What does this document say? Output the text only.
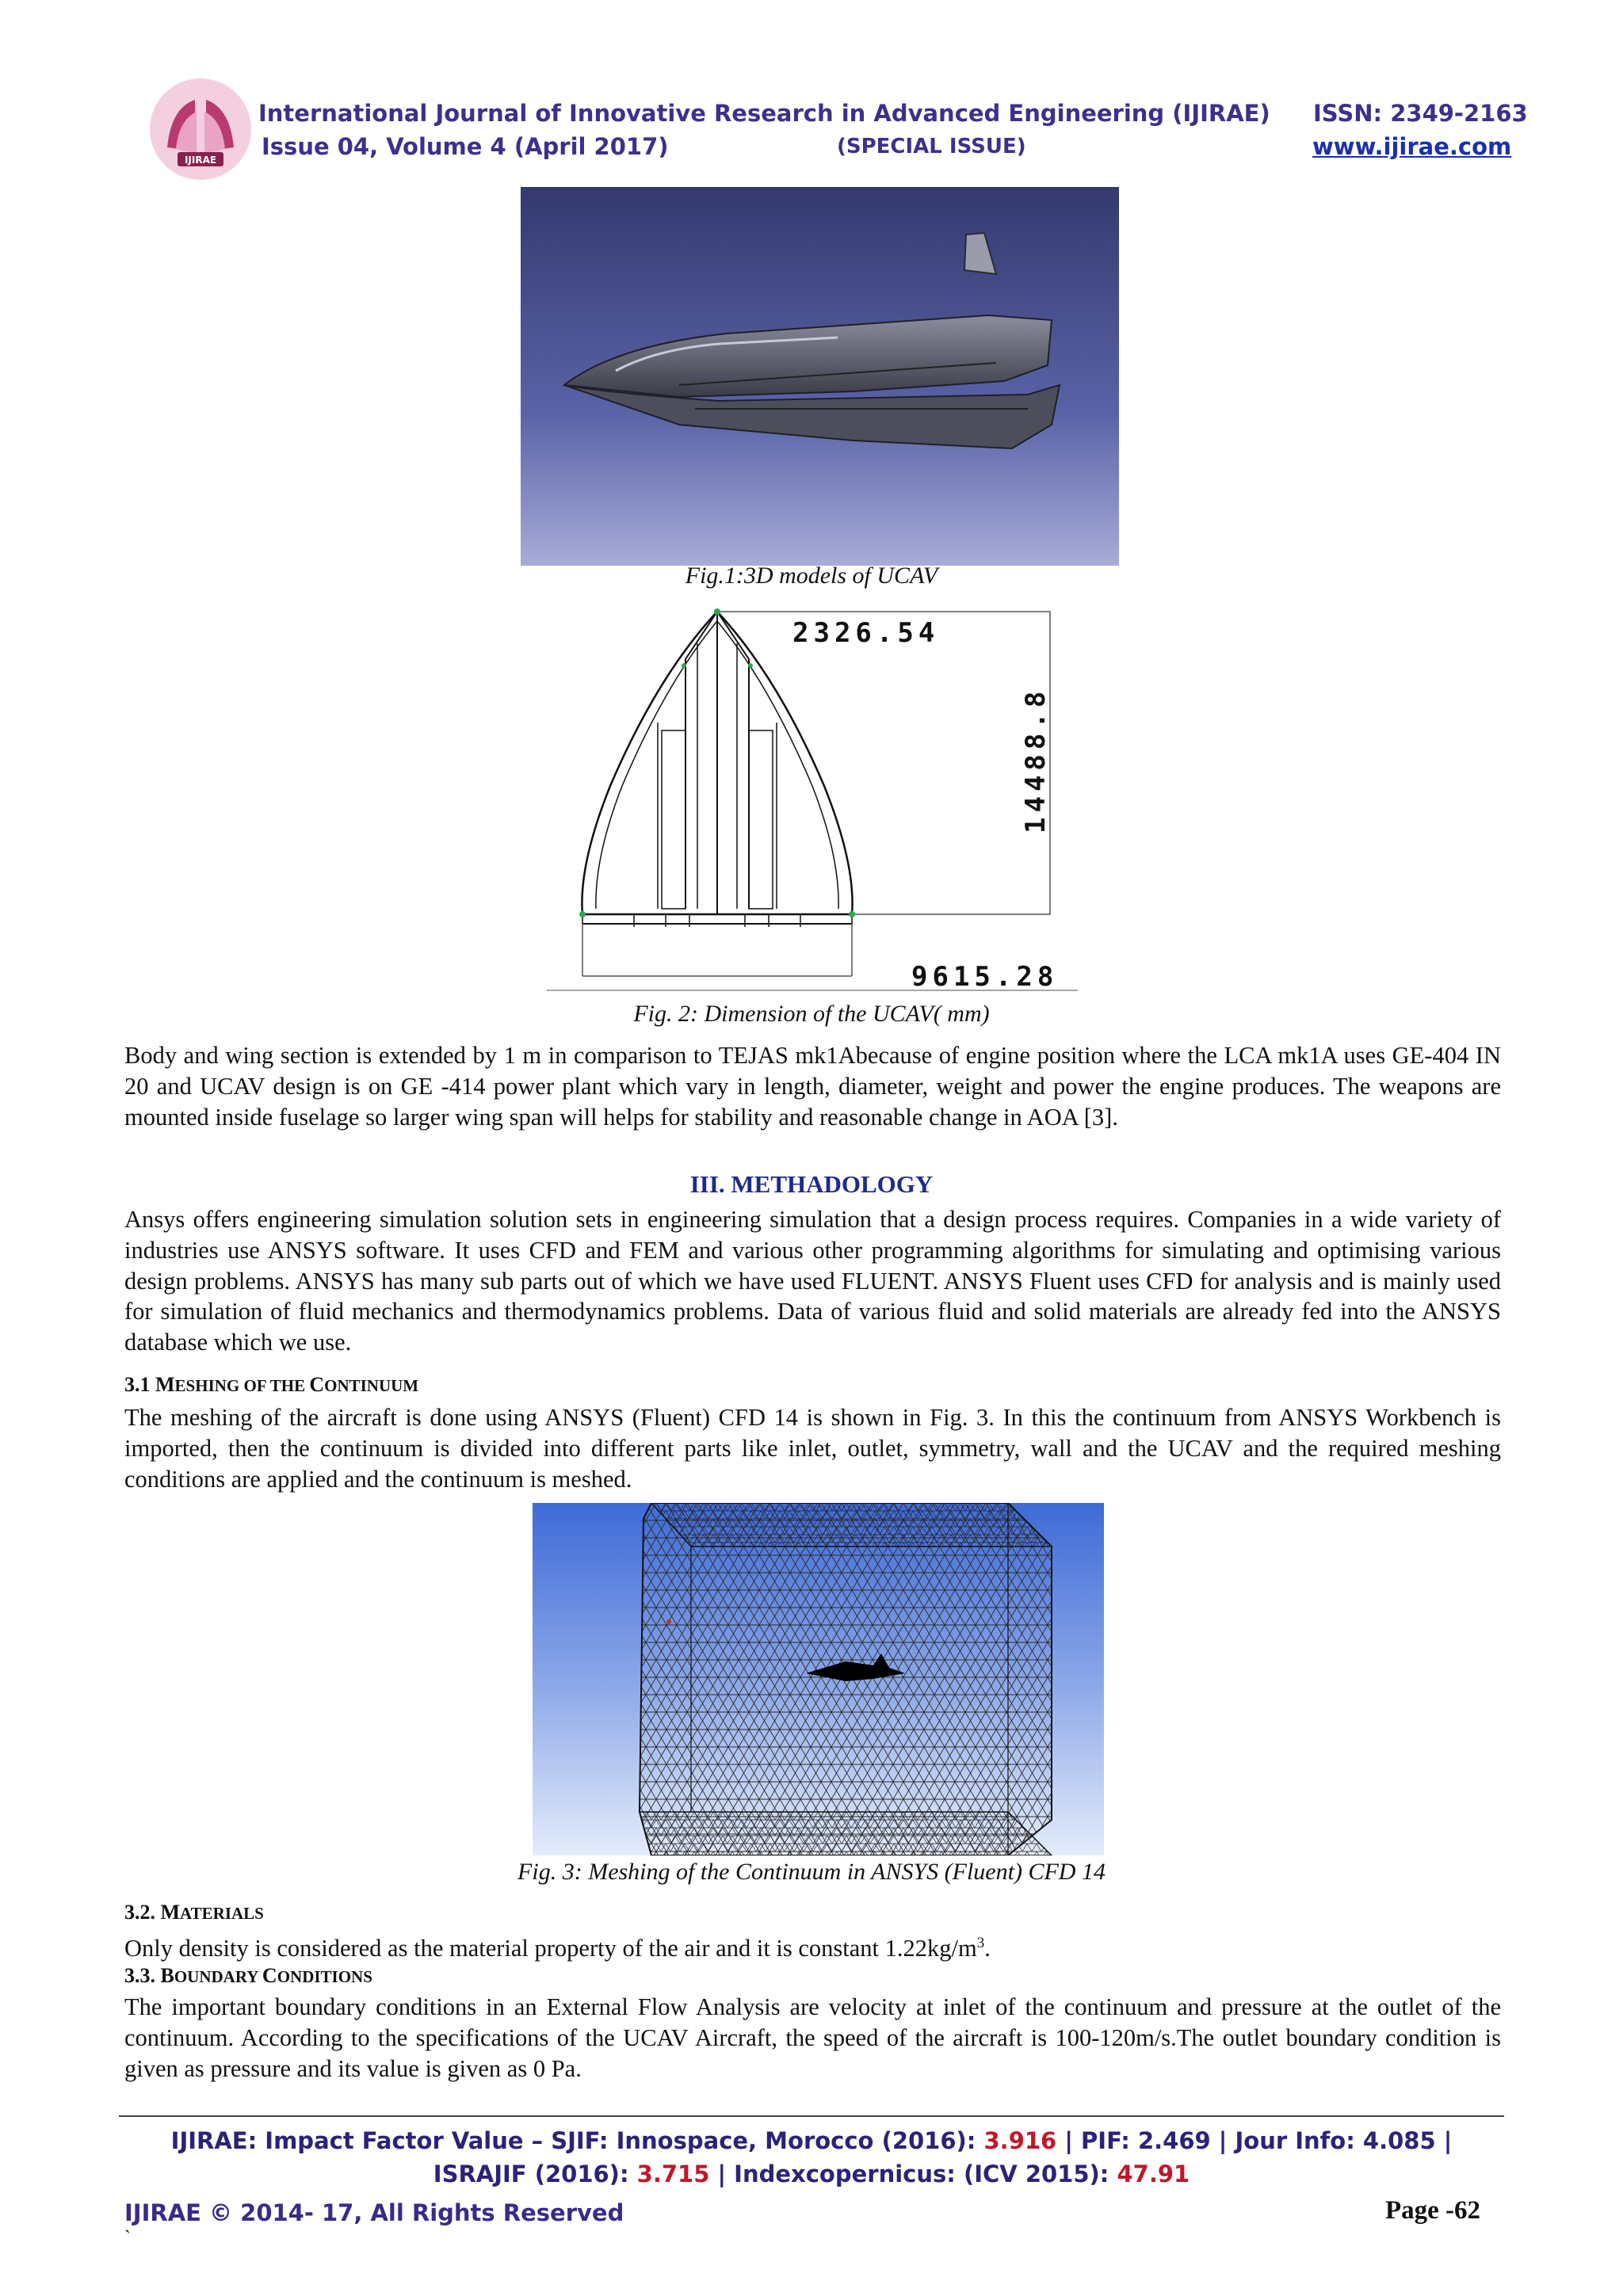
IJIRAE
International Journal of Innovative Research in Advanced Engineering (IJIRAE) ISSN: 2349-2163
Issue 04, Volume 4 (April 2017)	(SPECIAL ISSUE)	www.ijirae.com
Fig.1:3D models of UCAV
2326.54
14488.8
9615.28
Fig. 2: Dimension of the UCAV( mm)

Body and wing section is extended by 1 m in comparison to TEJAS mk1Abecause of engine position where the LCA mk1A uses GE-404 IN 20 and UCAV design is on GE -414 power plant which vary in length, diameter, weight and power the engine produces. The weapons are mounted inside fuselage so larger wing span will helps for stability and reasonable change in AOA [3].

III. METHADOLOGY

Ansys offers engineering simulation solution sets in engineering simulation that a design process requires. Companies in a wide variety of industries use ANSYS software. It uses CFD and FEM and various other programming algorithms for simulating and optimising various design problems. ANSYS has many sub parts out of which we have used FLUENT. ANSYS Fluent uses CFD for analysis and is mainly used for simulation of fluid mechanics and thermodynamics problems. Data of various fluid and solid materials are already fed into the ANSYS database which we use.

3.1 MESHING OF THE CONTINUUM

The meshing of the aircraft is done using ANSYS (Fluent) CFD 14 is shown in Fig. 3. In this the continuum from ANSYS Workbench is imported, then the continuum is divided into different parts like inlet, outlet, symmetry, wall and the UCAV and the required meshing conditions are applied and the continuum is meshed.

Fig. 3: Meshing of the Continuum in ANSYS (Fluent) CFD 14
3.2. MATERIALS

Only density is considered as the material property of the air and it is constant $1.22kg/m^3$.

3.3. BOUNDARY CONDITIONS

The important boundary conditions in an External Flow Analysis are velocity at inlet of the continuum and pressure at the outlet of the continuum. According to the specifications of the UCAV Aircraft, the speed of the aircraft is 100-120m/s.The outlet boundary condition is given as pressure and its value is given as 0 Pa.

IJIRAE: Impact Factor Value – SJIF: Innospace, Morocco (2016): 3.916 | PIF: 2.469 | Jour Info: 4.085 |
ISRAJIF (2016): 3.715 | Indexcopernicus: (ICV 2015): 47.91
IJIRAE © 2014- 17, All Rights Reserved	Page -62
`
